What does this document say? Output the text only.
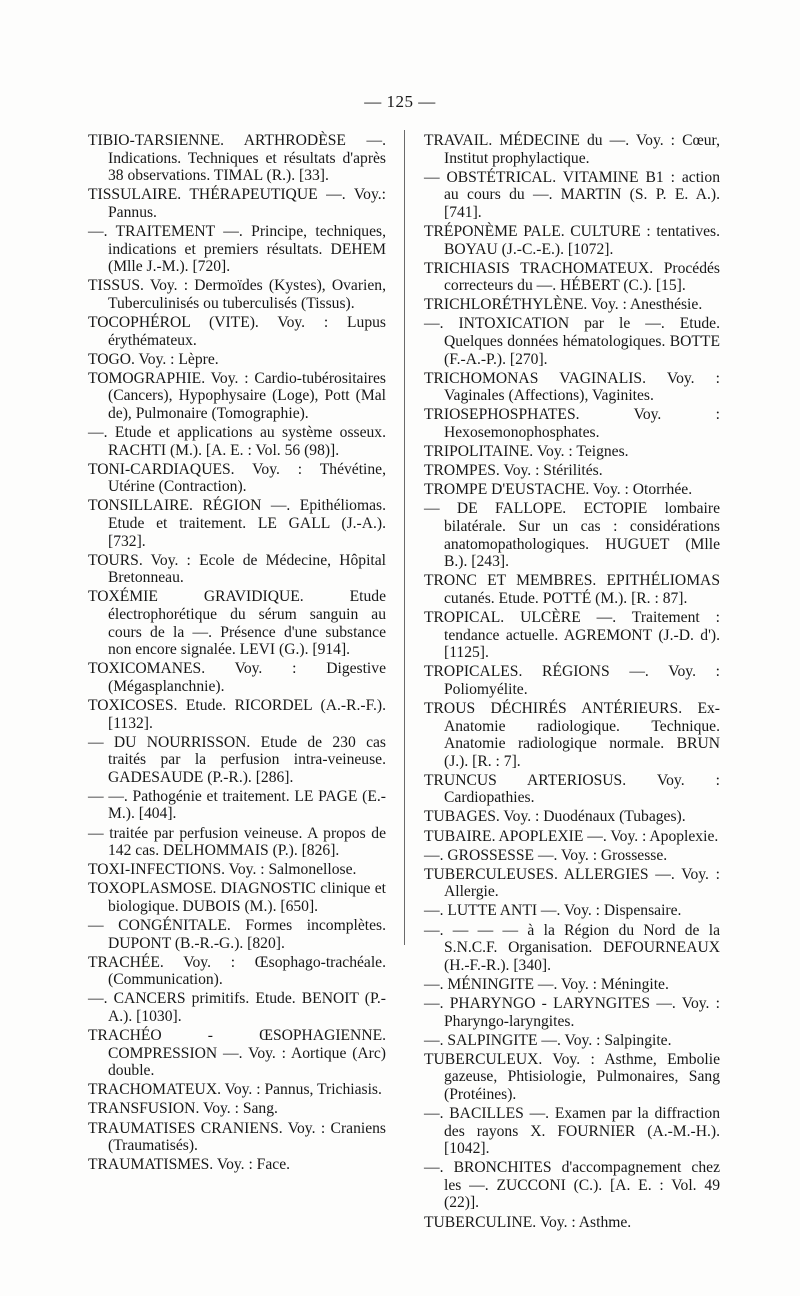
— 125 —

TIBIO-TARSIENNE. ARTHRODÈSE —. Indications. Techniques et résultats d'après 38 observations. TIMAL (R.). [33].

TISSULAIRE. THÉRAPEUTIQUE —. Voy.: Pannus.

—. TRAITEMENT —. Principe, techniques, indications et premiers résultats. DEHEM (Mlle J.-M.). [720].

TISSUS. Voy. : Dermoïdes (Kystes), Ovarien, Tuberculinisés ou tuberculisés (Tissus).

TOCOPHÉROL (VITE). Voy. : Lupus érythémateux.

TOGO. Voy. : Lèpre.

TOMOGRAPHIE. Voy. : Cardio-tubérositaires (Cancers), Hypophysaire (Loge), Pott (Mal de), Pulmonaire (Tomographie).

—. Etude et applications au système osseux. RACHTI (M.). [A. E. : Vol. 56 (98)].

TONI-CARDIAQUES. Voy. : Thévétine, Utérine (Contraction).

TONSILLAIRE. RÉGION —. Epithéliomas. Etude et traitement. LE GALL (J.-A.). [732].

TOURS. Voy. : Ecole de Médecine, Hôpital Bretonneau.

TOXÉMIE GRAVIDIQUE. Etude électrophorétique du sérum sanguin au cours de la —. Présence d'une substance non encore signalée. LEVI (G.). [914].

TOXICOMANES. Voy. : Digestive (Mégasplanchnie).

TOXICOSES. Etude. RICORDEL (A.-R.-F.). [1132].

— DU NOURRISSON. Etude de 230 cas traités par la perfusion intra-veineuse. GADESAUDE (P.-R.). [286].

— —. Pathogénie et traitement. LE PAGE (E.-M.). [404].

— traitée par perfusion veineuse. A propos de 142 cas. DELHOMMAIS (P.). [826].

TOXI-INFECTIONS. Voy. : Salmonellose.

TOXOPLASMOSE. DIAGNOSTIC clinique et biologique. DUBOIS (M.). [650].

— CONGÉNITALE. Formes incomplètes. DUPONT (B.-R.-G.). [820].

TRACHÉE. Voy. : Œsophago-trachéale. (Communication).

—. CANCERS primitifs. Etude. BENOIT (P.-A.). [1030].

TRACHÉO - ŒSOPHAGIENNE. COMPRESSION —. Voy. : Aortique (Arc) double.

TRACHOMATEUX. Voy. : Pannus, Trichiasis.

TRANSFUSION. Voy. : Sang.

TRAUMATISES CRANIENS. Voy. : Craniens (Traumatisés).

TRAUMATISMES. Voy. : Face.

TRAVAIL. MÉDECINE du —. Voy. : Cœur, Institut prophylactique.

— OBSTÉTRICAL. VITAMINE B1 : action au cours du —. MARTIN (S. P. E. A.). [741].

TRÉPONÈME PALE. CULTURE : tentatives. BOYAU (J.-C.-E.). [1072].

TRICHIASIS TRACHOMATEUX. Procédés correcteurs du —. HÉBERT (C.). [15].

TRICHLORÉTHYLÈNE. Voy. : Anesthésie.

—. INTOXICATION par le —. Etude. Quelques données hématologiques. BOTTE (F.-A.-P.). [270].

TRICHOMONAS VAGINALIS. Voy. : Vaginales (Affections), Vaginites.

TRIOSEPHOSPHATES. Voy. : Hexosemonophosphates.

TRIPOLITAINE. Voy. : Teignes.

TROMPES. Voy. : Stérilités.

TROMPE D'EUSTACHE. Voy. : Otorrhée.

— DE FALLOPE. ECTOPIE lombaire bilatérale. Sur un cas : considérations anatomopathologiques. HUGUET (Mlle B.). [243].

TRONC ET MEMBRES. EPITHÉLIOMAS cutanés. Etude. POTTÉ (M.). [R. : 87].

TROPICAL. ULCÈRE —. Traitement : tendance actuelle. AGREMONT (J.-D. d'). [1125].

TROPICALES. RÉGIONS —. Voy. : Poliomyélite.

TROUS DÉCHIRÉS ANTÉRIEURS. Ex-Anatomie radiologique. Technique. Anatomie radiologique normale. BRUN (J.). [R. : 7].

TRUNCUS ARTERIOSUS. Voy. : Cardiopathies.

TUBAGES. Voy. : Duodénaux (Tubages).

TUBAIRE. APOPLEXIE —. Voy. : Apoplexie.

—. GROSSESSE —. Voy. : Grossesse.

TUBERCULEUSES. ALLERGIES —. Voy. : Allergie.

—. LUTTE ANTI —. Voy. : Dispensaire.

—. — — — à la Région du Nord de la S.N.C.F. Organisation. DEFOURNEAUX (H.-F.-R.). [340].

—. MÉNINGITE —. Voy. : Méningite.

—. PHARYNGO - LARYNGITES —. Voy. : Pharyngo-laryngites.

—. SALPINGITE —. Voy. : Salpingite.

TUBERCULEUX. Voy. : Asthme, Embolie gazeuse, Phtisiologie, Pulmonaires, Sang (Protéines).

—. BACILLES —. Examen par la diffraction des rayons X. FOURNIER (A.-M.-H.). [1042].

—. BRONCHITES d'accompagnement chez les —. ZUCCONI (C.). [A. E. : Vol. 49 (22)].

TUBERCULINE. Voy. : Asthme.
